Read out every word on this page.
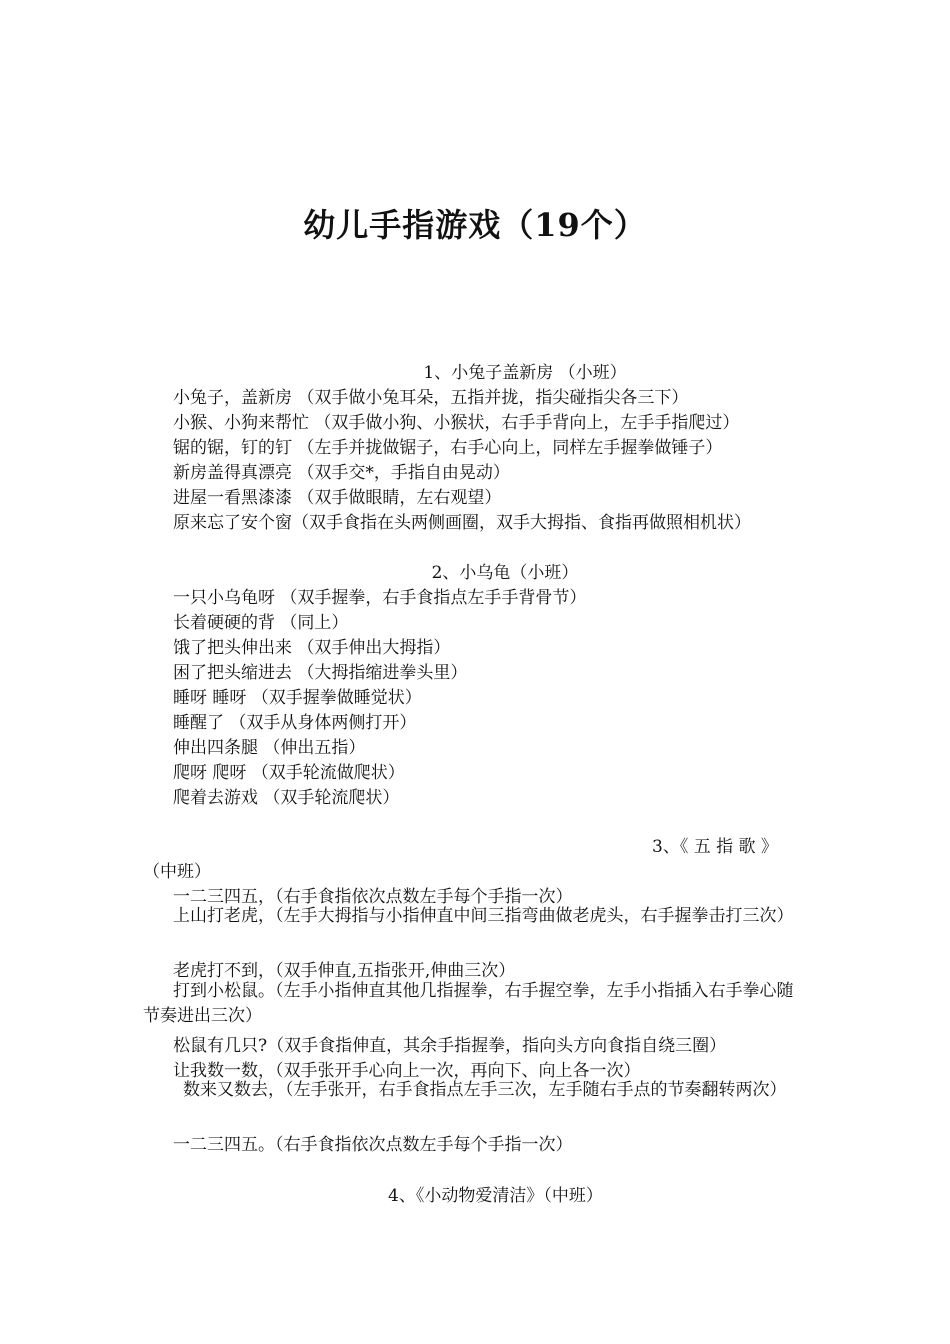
幼儿手指游戏（19个）
1、小兔子盖新房 （小班）
小兔子，盖新房 （双手做小兔耳朵，五指并拢，指尖碰指尖各三下）
小猴、小狗来帮忙 （双手做小狗、小猴状，右手手背向上，左手手指爬过）
锯的锯，钉的钉 （左手并拢做锯子，右手心向上，同样左手握拳做锤子）
新房盖得真漂亮 （双手交*，手指自由晃动）
进屋一看黑漆漆 （双手做眼睛，左右观望）
原来忘了安个窗（双手食指在头两侧画圈，双手大拇指、食指再做照相机状）
2、小乌龟（小班）
一只小乌龟呀 （双手握拳，右手食指点左手手背骨节）
长着硬硬的背 （同上）
饿了把头伸出来 （双手伸出大拇指）
困了把头缩进去 （大拇指缩进拳头里）
睡呀 睡呀 （双手握拳做睡觉状）
睡醒了 （双手从身体两侧打开）
伸出四条腿 （伸出五指）
爬呀 爬呀 （双手轮流做爬状）
爬着去游戏 （双手轮流爬状）
3、《 五 指 歌 》
（中班）
一二三四五，（右手食指依次点数左手每个手指一次）
上山打老虎，（左手大拇指与小指伸直中间三指弯曲做老虎头，右手握拳击打三次）
老虎打不到，（双手伸直,五指张开,伸曲三次）
打到小松鼠。（左手小指伸直其他几指握拳，右手握空拳，左手小指插入右手拳心随节奏进出三次）
松鼠有几只?（双手食指伸直，其余手指握拳，指向头方向食指自绕三圈）
让我数一数，（双手张开手心向上一次，再向下、向上各一次）
数来又数去，（左手张开，右手食指点左手三次，左手随右手点的节奏翻转两次）
一二三四五。（右手食指依次点数左手每个手指一次）
4、《小动物爱清洁》（中班）
